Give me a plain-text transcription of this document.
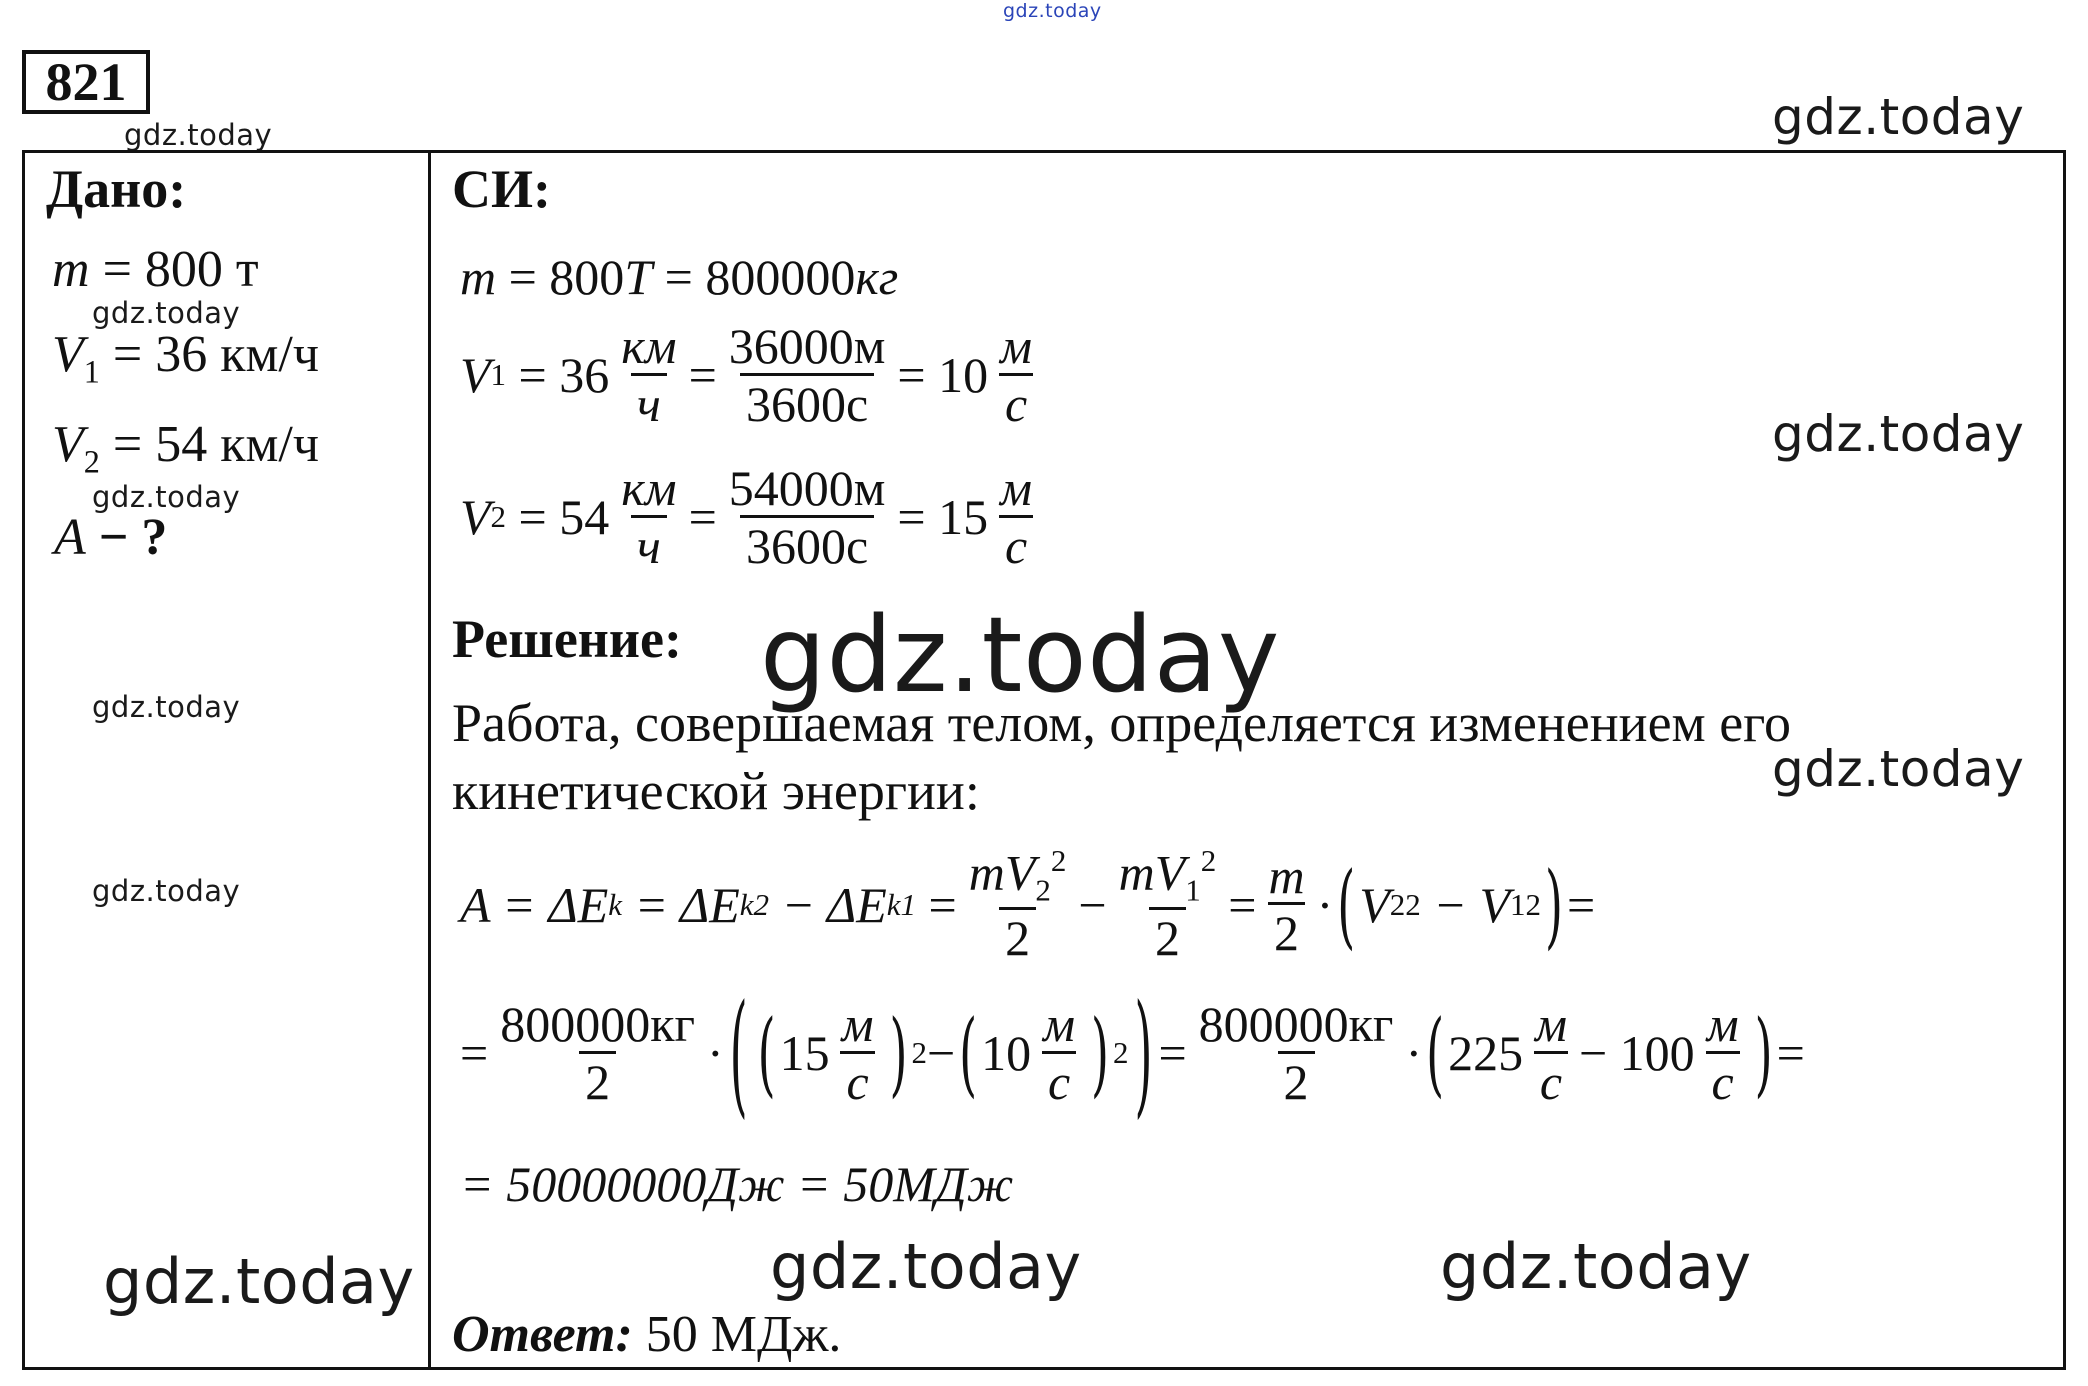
gdz.today
gdz.today	gdz.today
gdz.today
gdz.today
gdz.today
gdz.today
gdz.today
gdz.today
gdz.today	gdz.today	gdz.today
821
Дано:
m = 800 т
$V_1 = 36$ км/ч
$V_2 = 54$ км/ч
A − ?
СИ:
m
= 800 T
= 800000 кг
V 1
= $36 \frac{км}{ч} = \frac{36000м}{3600с} = 10 \frac{м}{с}$
V 2
= $54 \frac{км}{ч} = \frac{54000м}{3600с} = 15 \frac{м}{с}$
Решение:
Работа, совершаемая телом, определяется изменением его
кинетической энергии:
A = ΔE k
= ΔE k2
− ΔE k1
= $\frac{mV_2^2}{2} - \frac{mV_1^2}{2} = \frac{m}{2}$ · ( V 2 2
− V 1 2 ) =
= $\frac{800000кг}{2}$ · ( ( $15 \frac{м}{с}$ ) 2 − ( $10 \frac{м}{с}$ ) 2 ) = $\frac{800000кг}{2}$ · ( $225 \frac{м}{с} - 100 \frac{м}{с}$ ) =
= 50000000Дж = 50МДж
Ответ: 50 МДж.
gdz.today
